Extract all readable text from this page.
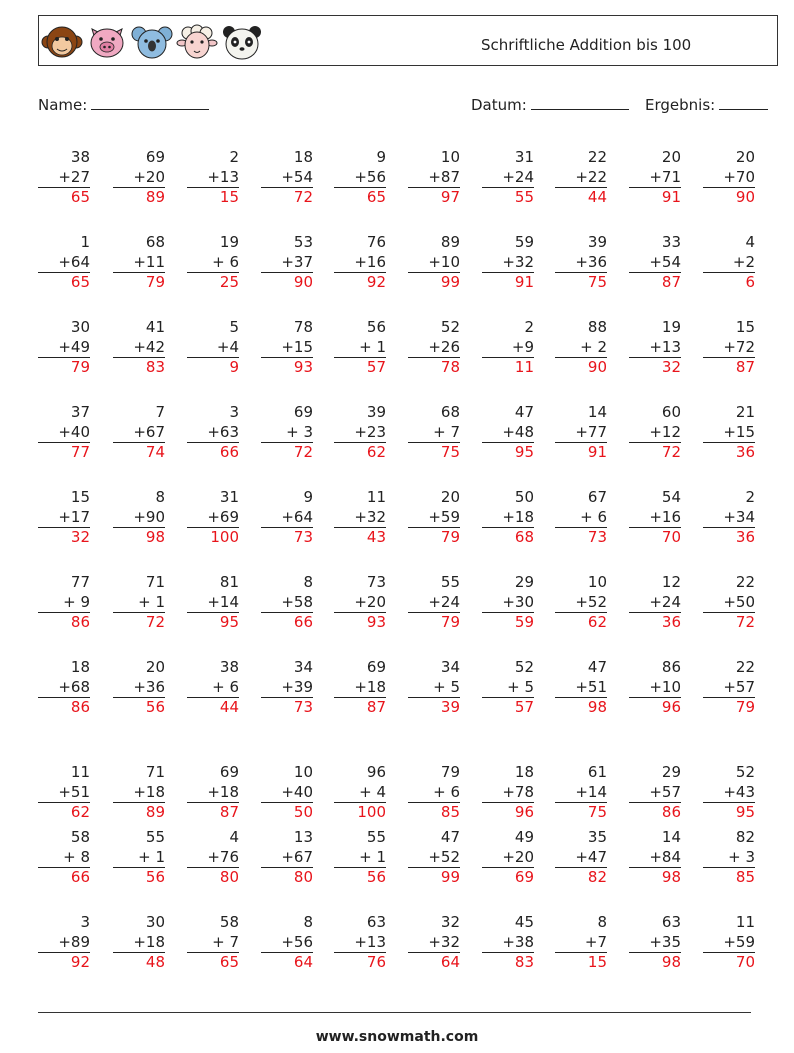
Schriftliche Addition bis 100
Name:	Datum:	Ergebnis:
38
+27
65
69
+20
89
2
+13
15
18
+54
72
9
+56
65
10
+87
97
31
+24
55
22
+22
44
20
+71
91
20
+70
90
1
+64
65
68
+11
79
19
+ 6
25
53
+37
90
76
+16
92
89
+10
99
59
+32
91
39
+36
75
33
+54
87
4
+2
6
30
+49
79
41
+42
83
5
+4
9
78
+15
93
56
+ 1
57
52
+26
78
2
+9
11
88
+ 2
90
19
+13
32
15
+72
87
37
+40
77
7
+67
74
3
+63
66
69
+ 3
72
39
+23
62
68
+ 7
75
47
+48
95
14
+77
91
60
+12
72
21
+15
36
15
+17
32
8
+90
98
31
+69
100
9
+64
73
11
+32
43
20
+59
79
50
+18
68
67
+ 6
73
54
+16
70
2
+34
36
77
+ 9
86
71
+ 1
72
81
+14
95
8
+58
66
73
+20
93
55
+24
79
29
+30
59
10
+52
62
12
+24
36
22
+50
72
18
+68
86
20
+36
56
38
+ 6
44
34
+39
73
69
+18
87
34
+ 5
39
52
+ 5
57
47
+51
98
86
+10
96
22
+57
79
11
+51
62
71
+18
89
69
+18
87
10
+40
50
96
+ 4
100
79
+ 6
85
18
+78
96
61
+14
75
29
+57
86
52
+43
95
58
+ 8
66
55
+ 1
56
4
+76
80
13
+67
80
55
+ 1
56
47
+52
99
49
+20
69
35
+47
82
14
+84
98
82
+ 3
85
3
+89
92
30
+18
48
58
+ 7
65
8
+56
64
63
+13
76
32
+32
64
45
+38
83
8
+7
15
63
+35
98
11
+59
70
www.snowmath.com
